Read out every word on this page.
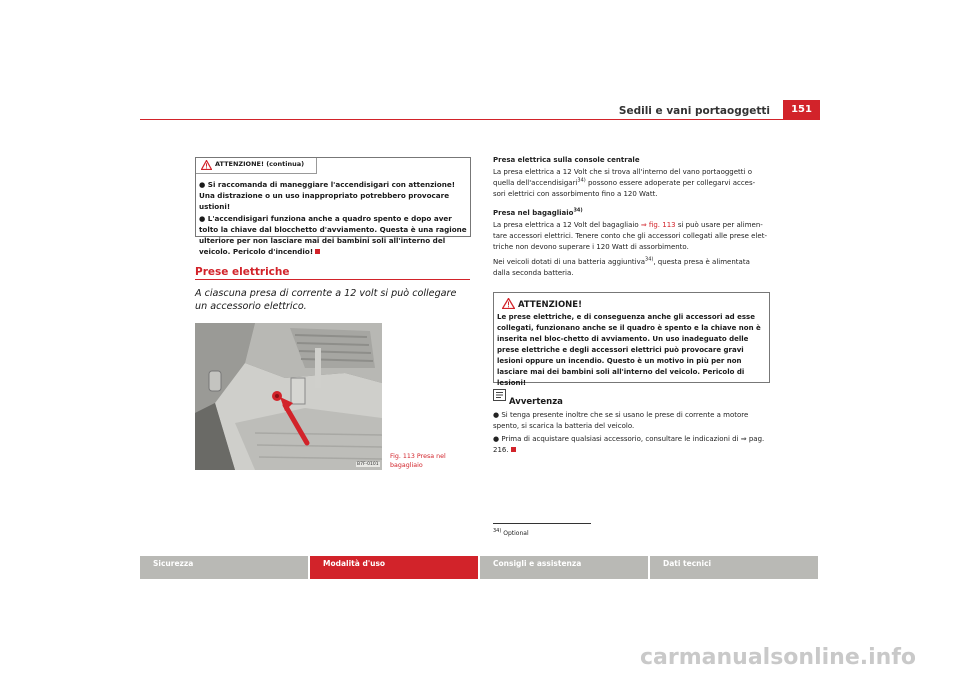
Sedili e vani portaoggetti	151
ATTENZIONE! (continua)

● Si raccomanda di maneggiare l'accendisigari con attenzione! Una distrazione o un uso inappropriato potrebbero provocare ustioni!

● L'accendisigari funziona anche a quadro spento e dopo aver tolto la chiave dal blocchetto d'avviamento. Questa è una ragione ulteriore per non lasciare mai dei bambini soli all'interno del veicolo. Pericolo d'incendio!

Prese elettriche
A ciascuna presa di corrente a 12 volt si può collegare un accessorio elettrico.
B7F-0101
Fig. 113 Presa nel bagagliaio
Presa elettrica sulla console centrale
La presa elettrica a 12 Volt che si trova all'interno del vano portaoggetti o
quella dell'accendisigari$^{34)}$ possono essere adoperate per collegarvi acces-
sori elettrici con assorbimento fino a 120 Watt.
Presa nel bagagliaio$^{34)}$
La presa elettrica a 12 Volt del bagagliaio ⇒ fig. 113 si può usare per alimen-
tare accessori elettrici. Tenere conto che gli accessori collegati alle prese elet-
triche non devono superare i 120 Watt di assorbimento.
Nei veicoli dotati di una batteria aggiuntiva$^{34)}$, questa presa è alimentata
dalla seconda batteria.
ATTENZIONE!
Le prese elettriche, e di conseguenza anche gli accessori ad esse collegati, funzionano anche se il quadro è spento e la chiave non è inserita nel bloc-chetto di avviamento. Un uso inadeguato delle prese elettriche e degli accessori elettrici può provocare gravi lesioni oppure un incendio. Questo è un motivo in più per non lasciare mai dei bambini soli all'interno del veicolo. Pericolo di lesioni!
Avvertenza
● Si tenga presente inoltre che se si usano le prese di corrente a motore spento, si scarica la batteria del veicolo.
● Prima di acquistare qualsiasi accessorio, consultare le indicazioni di ⇒ pag. 216.
$^{34)}$ Optional
Sicurezza	Modalità d'uso	Consigli e assistenza	Dati tecnici
carmanualsonline.info
